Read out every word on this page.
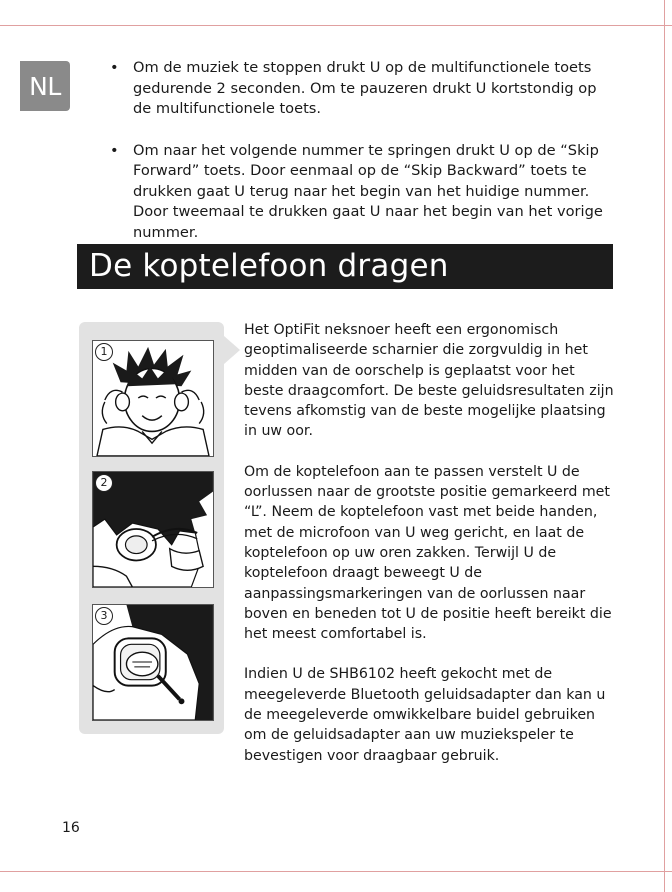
NL
• Om de muziek te stoppen drukt U op de multifunctionele toets gedurende 2 seconden. Om te pauzeren drukt U kortstondig op de multifunctionele toets.
• Om naar het volgende nummer te springen drukt U op de “Skip Forward” toets. Door eenmaal op de “Skip Backward” toets te drukken gaat U terug naar het begin van het huidige nummer. Door tweemaal te drukken gaat U naar het begin van het vorige nummer.
De koptelefoon dragen
1
2
3

Het OptiFit neksnoer heeft een ergonomisch geoptimaliseerde scharnier die zorgvuldig in het midden van de oorschelp is geplaatst voor het beste draagcomfort. De beste geluidsresultaten zijn tevens afkomstig van de beste mogelijke plaatsing in uw oor.

Om de koptelefoon aan te passen verstelt U de oorlussen naar de grootste positie gemarkeerd met “L”. Neem de koptelefoon vast met beide handen, met de microfoon van U weg gericht, en laat de koptelefoon op uw oren zakken. Terwijl U de koptelefoon draagt beweegt U de aanpassingsmarkeringen van de oorlussen naar boven en beneden tot U de positie heeft bereikt die het meest comfortabel is.

Indien U de SHB6102 heeft gekocht met de meegeleverde Bluetooth geluidsadapter dan kan u de meegeleverde omwikkelbare buidel gebruiken om de geluidsadapter aan uw muziekspeler te bevestigen voor draagbaar gebruik.

16
